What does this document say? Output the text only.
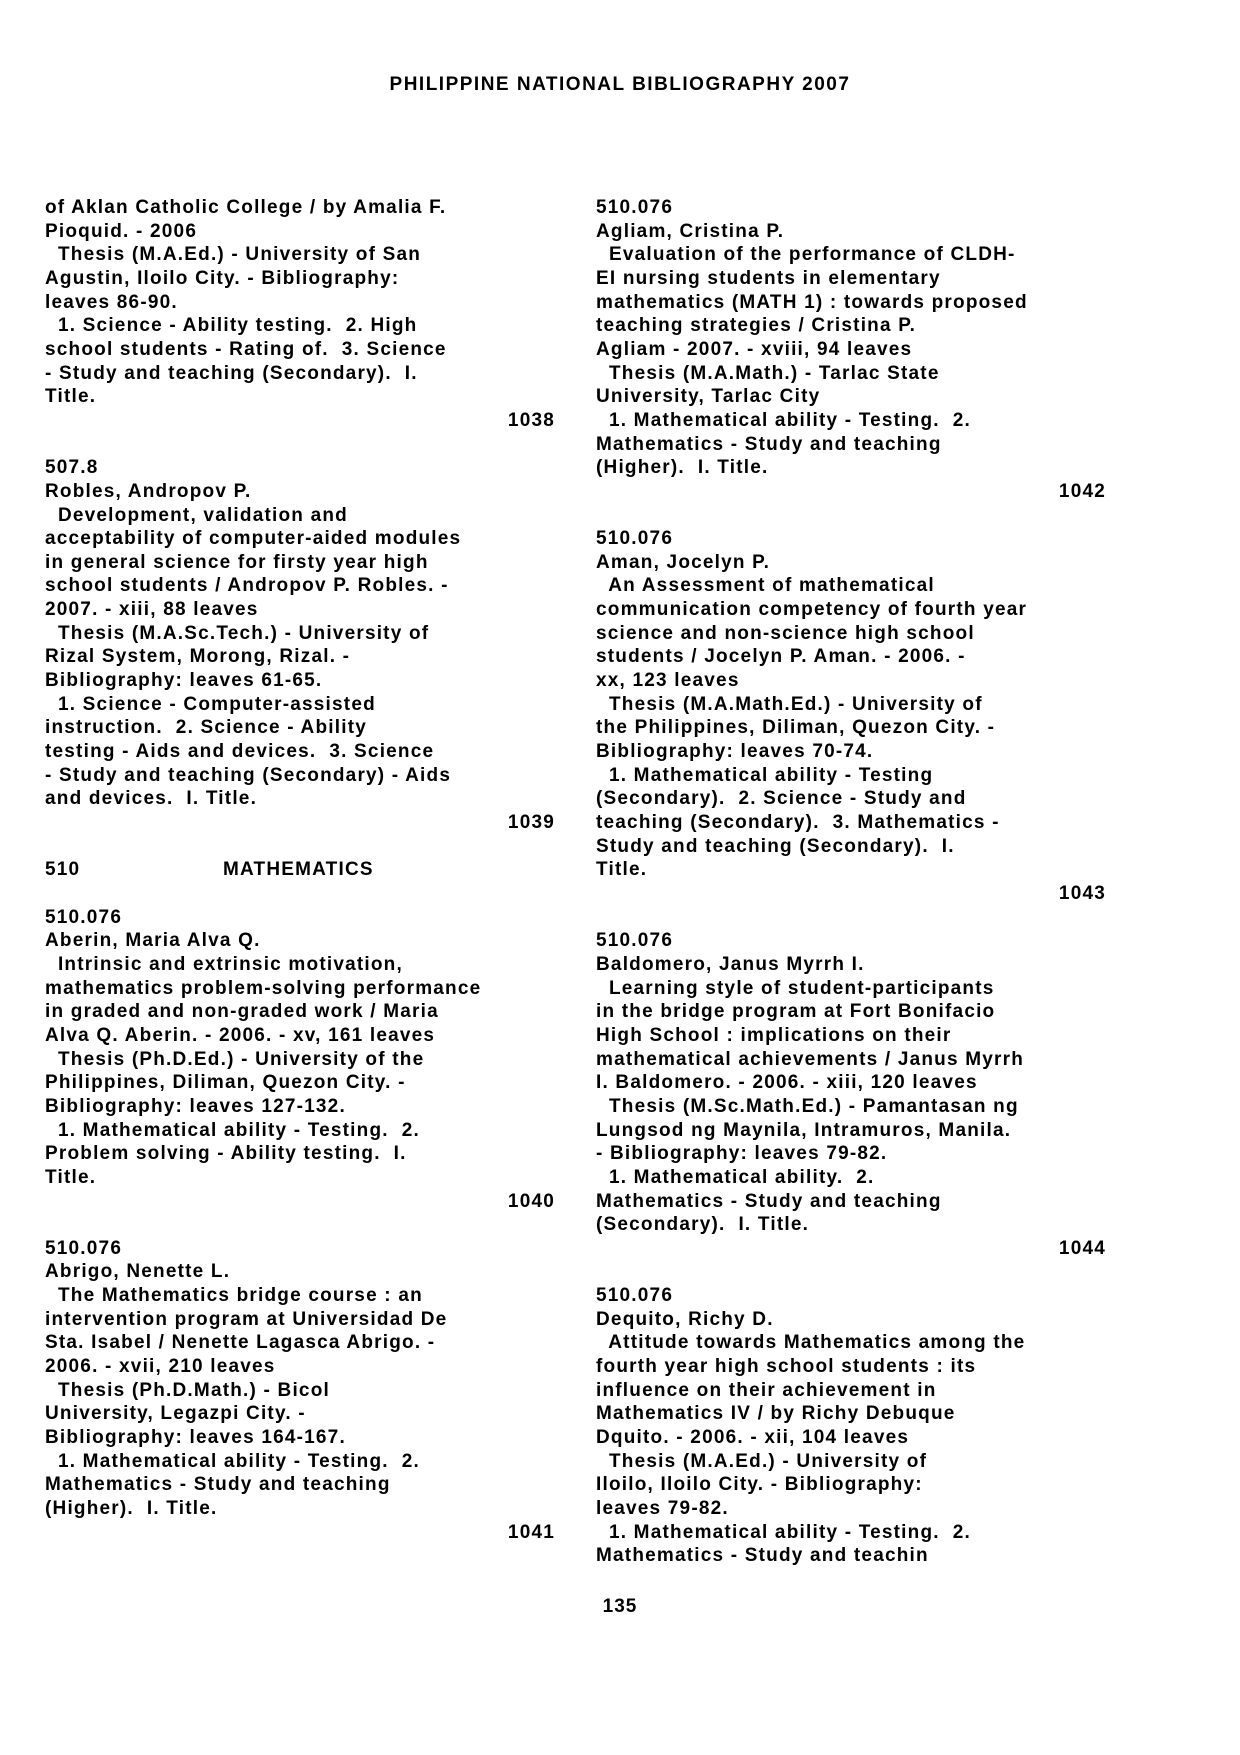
PHILIPPINE NATIONAL BIBLIOGRAPHY 2007
of Aklan Catholic College / by Amalia F.
Pioquid. - 2006
Thesis (M.A.Ed.) - University of San
Agustin, Iloilo City. - Bibliography:
leaves 86-90.
1. Science - Ability testing.  2. High
school students - Rating of.  3. Science
- Study and teaching (Secondary).  I.
Title.
1038
507.8
Robles, Andropov P.
Development, validation and
acceptability of computer-aided modules
in general science for firsty year high
school students / Andropov P. Robles. -
2007. - xiii, 88 leaves
Thesis (M.A.Sc.Tech.) - University of
Rizal System, Morong, Rizal. -
Bibliography: leaves 61-65.
1. Science - Computer-assisted
instruction.  2. Science - Ability
testing - Aids and devices.  3. Science
- Study and teaching (Secondary) - Aids
and devices.  I. Title.
1039
510	MATHEMATICS
510.076
Aberin, Maria Alva Q.
Intrinsic and extrinsic motivation,
mathematics problem-solving performance
in graded and non-graded work / Maria
Alva Q. Aberin. - 2006. - xv, 161 leaves
Thesis (Ph.D.Ed.) - University of the
Philippines, Diliman, Quezon City. -
Bibliography: leaves 127-132.
1. Mathematical ability - Testing.  2.
Problem solving - Ability testing.  I.
Title.
1040
510.076
Abrigo, Nenette L.
The Mathematics bridge course : an
intervention program at Universidad De
Sta. Isabel / Nenette Lagasca Abrigo. -
2006. - xvii, 210 leaves
Thesis (Ph.D.Math.) - Bicol
University, Legazpi City. -
Bibliography: leaves 164-167.
1. Mathematical ability - Testing.  2.
Mathematics - Study and teaching
(Higher).  I. Title.
1041
510.076
Agliam, Cristina P.
Evaluation of the performance of CLDH-
EI nursing students in elementary
mathematics (MATH 1) : towards proposed
teaching strategies / Cristina P.
Agliam - 2007. - xviii, 94 leaves
Thesis (M.A.Math.) - Tarlac State
University, Tarlac City
1. Mathematical ability - Testing.  2.
Mathematics - Study and teaching
(Higher).  I. Title.
1042
510.076
Aman, Jocelyn P.
An Assessment of mathematical
communication competency of fourth year
science and non-science high school
students / Jocelyn P. Aman. - 2006. -
xx, 123 leaves
Thesis (M.A.Math.Ed.) - University of
the Philippines, Diliman, Quezon City. -
Bibliography: leaves 70-74.
1. Mathematical ability - Testing
(Secondary).  2. Science - Study and
teaching (Secondary).  3. Mathematics -
Study and teaching (Secondary).  I.
Title.
1043
510.076
Baldomero, Janus Myrrh I.
Learning style of student-participants
in the bridge program at Fort Bonifacio
High School : implications on their
mathematical achievements / Janus Myrrh
I. Baldomero. - 2006. - xiii, 120 leaves
Thesis (M.Sc.Math.Ed.) - Pamantasan ng
Lungsod ng Maynila, Intramuros, Manila.
- Bibliography: leaves 79-82.
1. Mathematical ability.  2.
Mathematics - Study and teaching
(Secondary).  I. Title.
1044
510.076
Dequito, Richy D.
Attitude towards Mathematics among the
fourth year high school students : its
influence on their achievement in
Mathematics IV / by Richy Debuque
Dquito. - 2006. - xii, 104 leaves
Thesis (M.A.Ed.) - University of
Iloilo, Iloilo City. - Bibliography:
leaves 79-82.
1. Mathematical ability - Testing.  2.
Mathematics - Study and teachin
135
